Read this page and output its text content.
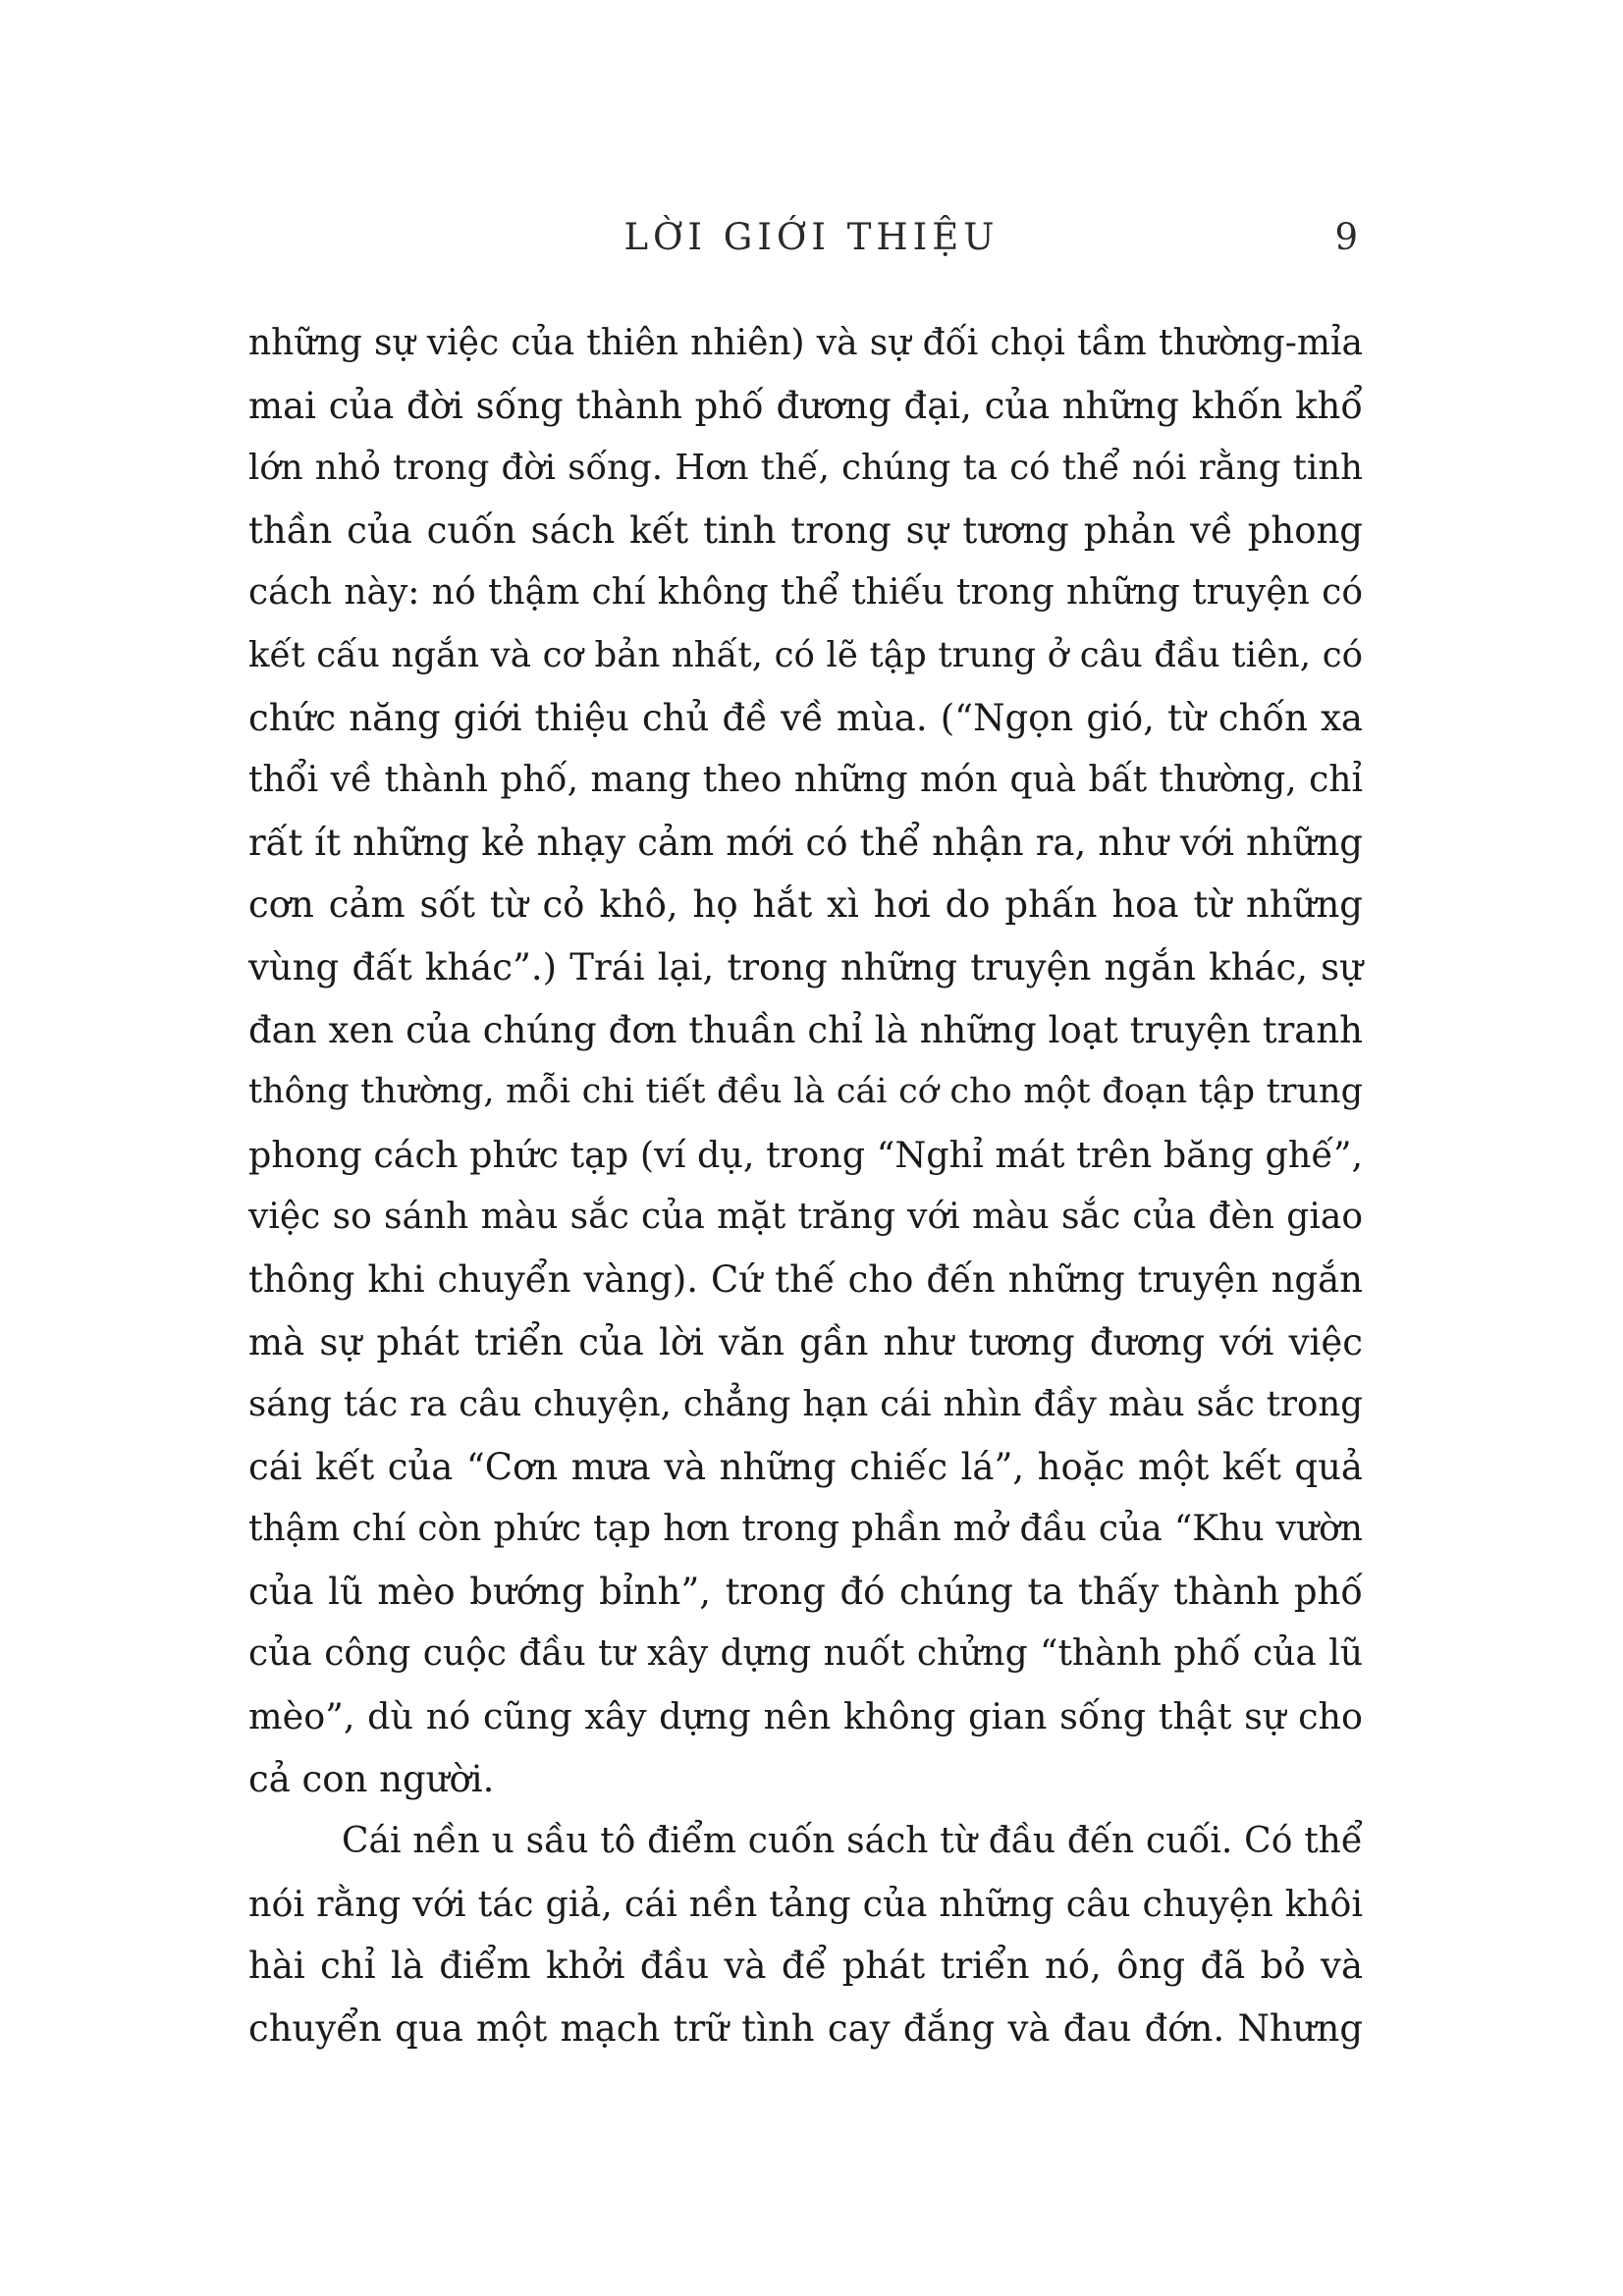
LỜI GIỚI THIỆU	9
những sự việc của thiên nhiên) và sự đối chọi tầm thường-mỉa
mai của đời sống thành phố đương đại, của những khốn khổ
lớn nhỏ trong đời sống. Hơn thế, chúng ta có thể nói rằng tinh
thần của cuốn sách kết tinh trong sự tương phản về phong
cách này: nó thậm chí không thể thiếu trong những truyện có
kết cấu ngắn và cơ bản nhất, có lẽ tập trung ở câu đầu tiên, có
chức năng giới thiệu chủ đề về mùa. (“Ngọn gió, từ chốn xa
thổi về thành phố, mang theo những món quà bất thường, chỉ
rất ít những kẻ nhạy cảm mới có thể nhận ra, như với những
cơn cảm sốt từ cỏ khô, họ hắt xì hơi do phấn hoa từ những
vùng đất khác”.) Trái lại, trong những truyện ngắn khác, sự
đan xen của chúng đơn thuần chỉ là những loạt truyện tranh
thông thường, mỗi chi tiết đều là cái cớ cho một đoạn tập trung
phong cách phức tạp (ví dụ, trong “Nghỉ mát trên băng ghế”,
việc so sánh màu sắc của mặt trăng với màu sắc của đèn giao
thông khi chuyển vàng). Cứ thế cho đến những truyện ngắn
mà sự phát triển của lời văn gần như tương đương với việc
sáng tác ra câu chuyện, chẳng hạn cái nhìn đầy màu sắc trong
cái kết của “Cơn mưa và những chiếc lá”, hoặc một kết quả
thậm chí còn phức tạp hơn trong phần mở đầu của “Khu vườn
của lũ mèo bướng bỉnh”, trong đó chúng ta thấy thành phố
của công cuộc đầu tư xây dựng nuốt chửng “thành phố của lũ
mèo”, dù nó cũng xây dựng nên không gian sống thật sự cho
cả con người.
Cái nền u sầu tô điểm cuốn sách từ đầu đến cuối. Có thể
nói rằng với tác giả, cái nền tảng của những câu chuyện khôi
hài chỉ là điểm khởi đầu và để phát triển nó, ông đã bỏ và
chuyển qua một mạch trữ tình cay đắng và đau đớn. Nhưng
